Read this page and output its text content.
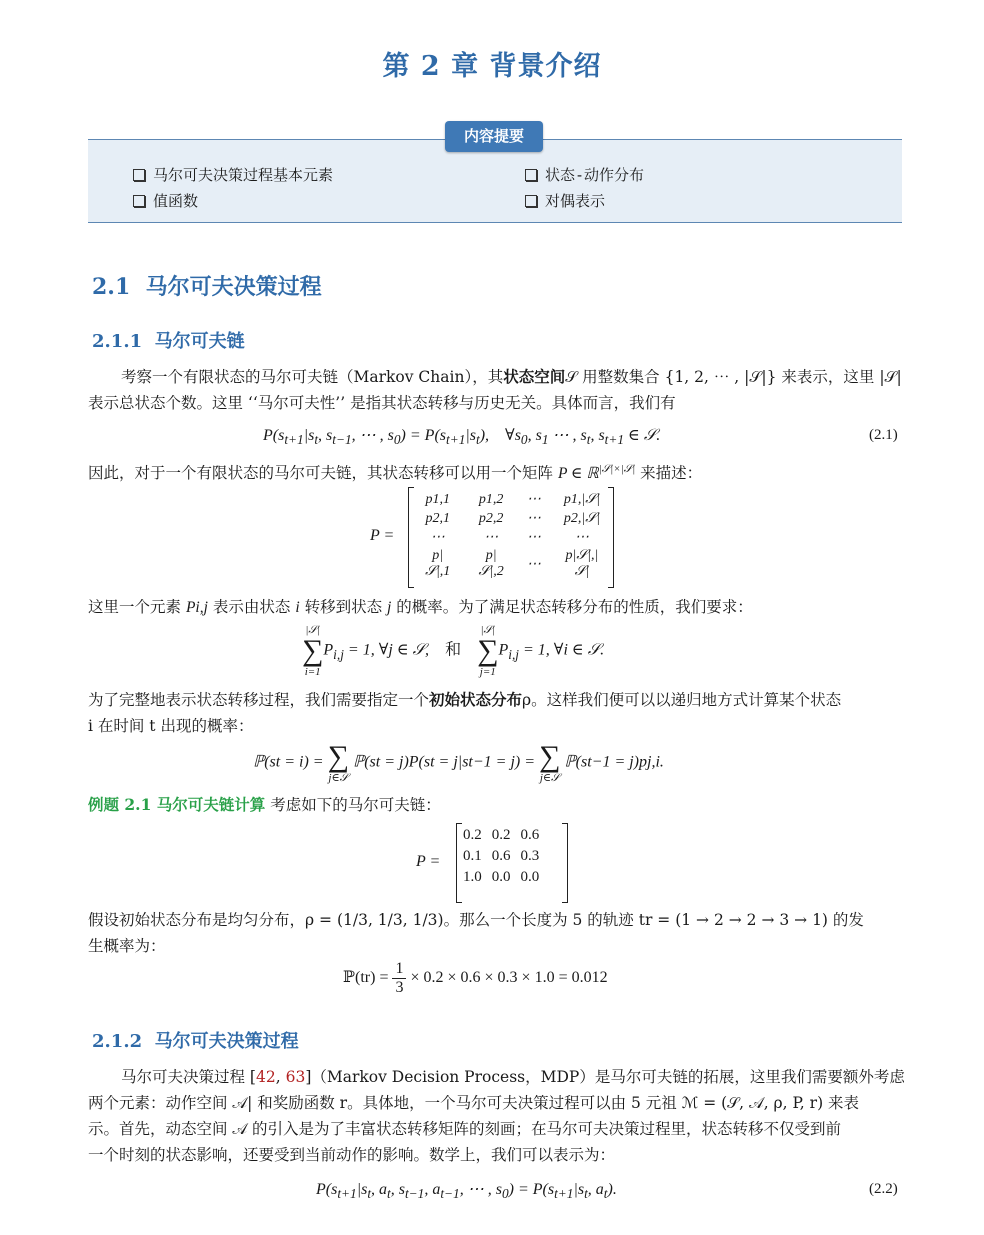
第 2 章 背景介绍
内容提要
马尔可夫决策过程基本元素	状态-动作分布
值函数	对偶表示
2.1 马尔可夫决策过程
2.1.1 马尔可夫链
考察一个有限状态的马尔可夫链（Markov Chain），其状态空间𝒮 用整数集合 {1, 2, ⋯ , |𝒮|} 来表示，这里 |𝒮|
表示总状态个数。这里 ‘‘马尔可夫性’’ 是指其状态转移与历史无关。具体而言，我们有
$P(s_{t+1}|s_t$, $s_{t-1}$, ⋯ , $s_0) = P(s_{t+1}|s_t)$,    $\forall s_0$, $s_1$ ⋯ , $s_t$, $s_{t+1}$ ∈ 𝒮.	(2.1)
因此，对于一个有限状态的马尔可夫链，其状态转移可以用一个矩阵 P ∈ ℝ$^{|𝒮|\times|𝒮|}$ 来描述：
P =
p1,1	p1,2	⋯	p1,|𝒮|
p2,1	p2,2	⋯	p2,|𝒮|
⋯	⋯	⋯	⋯
p|𝒮|,1	p|𝒮|,2	⋯	p|𝒮|,|𝒮|
这里一个元素 Pi,j 表示由状态 i 转移到状态 j 的概率。为了满足状态转移分布的性质，我们要求：
|𝒮|
∑
i=1
$P_{i,j} = 1$, ∀j ∈ 𝒮, 和
|𝒮|
∑
j=1
$P_{i,j} = 1$, ∀i ∈ 𝒮.
为了完整地表示状态转移过程，我们需要指定一个初始状态分布ρ。这样我们便可以以递归地方式计算某个状态
i 在时间 t 出现的概率：
ℙ(st = i) = ∑
j∈𝒮
ℙ(st = j)P(st = j|st−1 = j) = ∑
j∈𝒮
ℙ(st−1 = j)pj,i.
例题 2.1 马尔可夫链计算 考虑如下的马尔可夫链：
P =
0.2	0.2	0.6
0.1	0.6	0.3
1.0	0.0	0.0
假设初始状态分布是均匀分布，ρ = (1/3, 1/3, 1/3)。那么一个长度为 5 的轨迹 tr = (1 → 2 → 2 → 3 → 1) 的发
生概率为：
ℙ(tr) = $\frac{1}{3} \times 0.2 \times 0.6 \times 0.3 \times 1.0 = 0.012$
2.1.2 马尔可夫决策过程
马尔可夫决策过程 [42, 63]（Markov Decision Process，MDP）是马尔可夫链的拓展，这里我们需要额外考虑
两个元素：动作空间 𝒜| 和奖励函数 r。具体地，一个马尔可夫决策过程可以由 5 元祖 ℳ = (𝒮, 𝒜, ρ, P, r) 来表
示。首先，动态空间 𝒜 的引入是为了丰富状态转移矩阵的刻画；在马尔可夫决策过程里，状态转移不仅受到前
一个时刻的状态影响，还要受到当前动作的影响。数学上，我们可以表示为：
$P(s_{t+1}|s_t$, $a_t$, $s_{t-1}$, $a_{t-1}$, ⋯ , $s_0) = P(s_{t+1}|s_t$, $a_t$).	(2.2)
